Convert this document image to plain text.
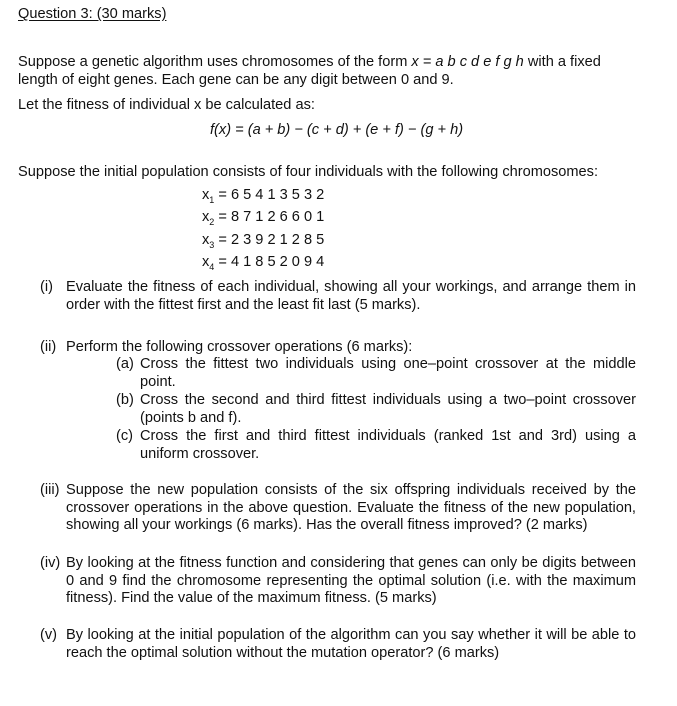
Question 3: (30 marks)
Suppose a genetic algorithm uses chromosomes of the form x = a b c d e f g h with a fixed
length of eight genes. Each gene can be any digit between 0 and 9.
Let the fitness of individual x be calculated as:
f(x) = (a + b) − (c + d) + (e + f) − (g + h)
Suppose the initial population consists of four individuals with the following chromosomes:
$x_1 = 6$ 5 4 1 3 5 3 2
$x_2 = 8$ 7 1 2 6 6 0 1
$x_3 = 2$ 3 9 2 1 2 8 5
$x_4 = 4$ 1 8 5 2 0 9 4
(i) Evaluate the fitness of each individual, showing all your workings, and arrange them in order with the fittest first and the least fit last (5 marks).
(ii) Perform the following crossover operations (6 marks):
(a) Cross the fittest two individuals using one–point crossover at the middle point.
(b) Cross the second and third fittest individuals using a two–point crossover (points b and f).
(c) Cross the first and third fittest individuals (ranked 1st and 3rd) using a uniform crossover.
(iii) Suppose the new population consists of the six offspring individuals received by the crossover operations in the above question. Evaluate the fitness of the new population, showing all your workings (6 marks). Has the overall fitness improved? (2 marks)
(iv) By looking at the fitness function and considering that genes can only be digits between 0 and 9 find the chromosome representing the optimal solution (i.e. with the maximum fitness). Find the value of the maximum fitness. (5 marks)
(v) By looking at the initial population of the algorithm can you say whether it will be able to reach the optimal solution without the mutation operator? (6 marks)
